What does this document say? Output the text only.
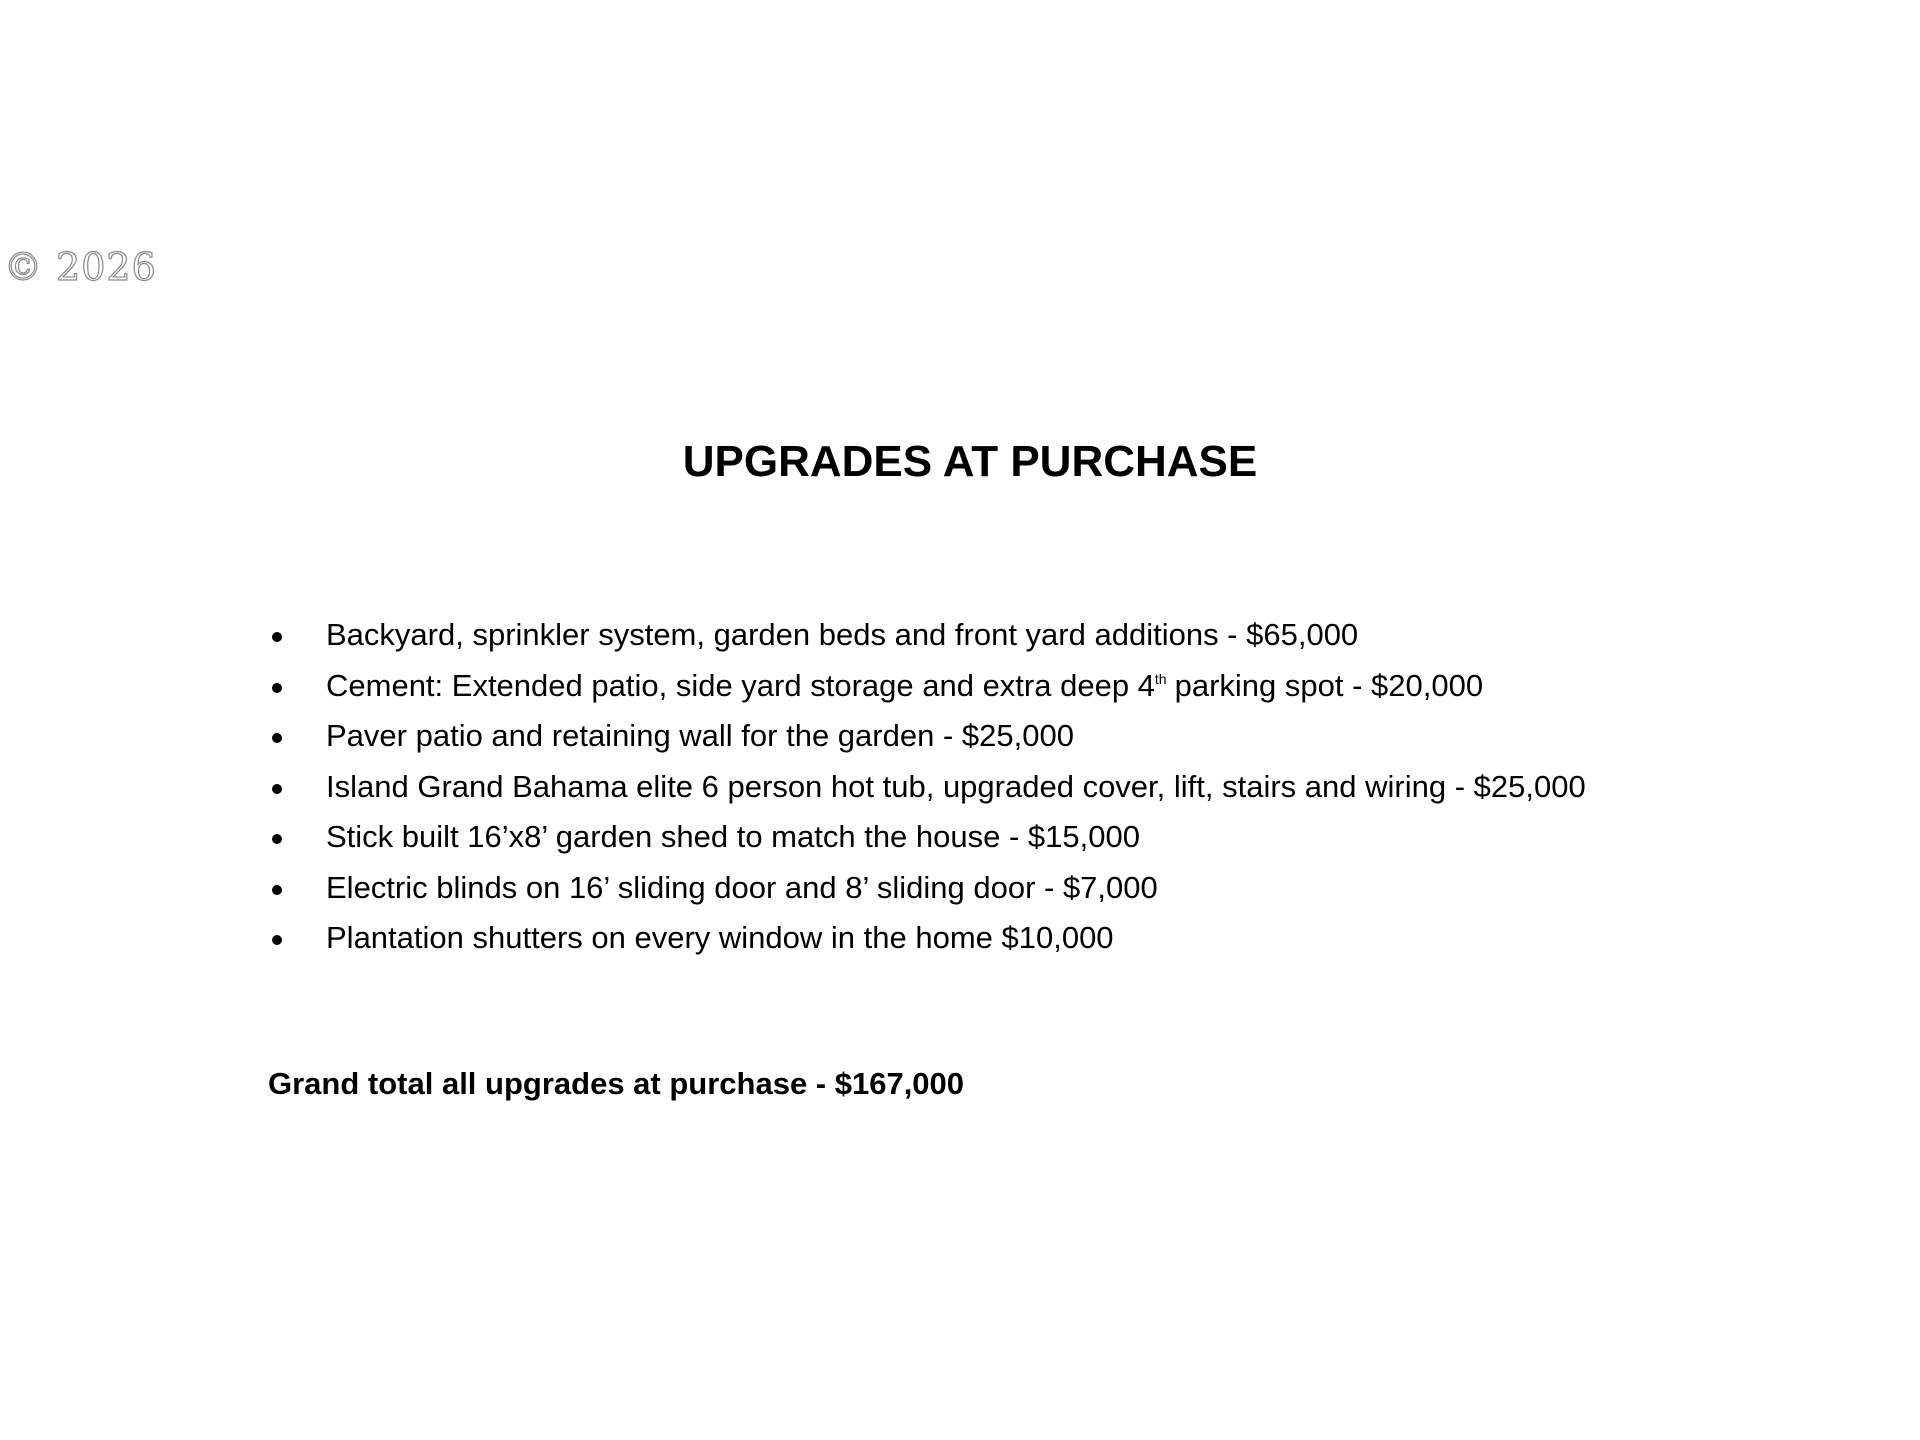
© 2026
UPGRADES AT PURCHASE
Backyard, sprinkler system, garden beds and front yard additions - $65,000
Cement: Extended patio, side yard storage and extra deep 4th parking spot - $20,000
Paver patio and retaining wall for the garden - $25,000
Island Grand Bahama elite 6 person hot tub, upgraded cover, lift, stairs and wiring - $25,000
Stick built 16’x8’ garden shed to match the house - $15,000
Electric blinds on 16’ sliding door and 8’ sliding door - $7,000
Plantation shutters on every window in the home $10,000
Grand total all upgrades at purchase - $167,000
